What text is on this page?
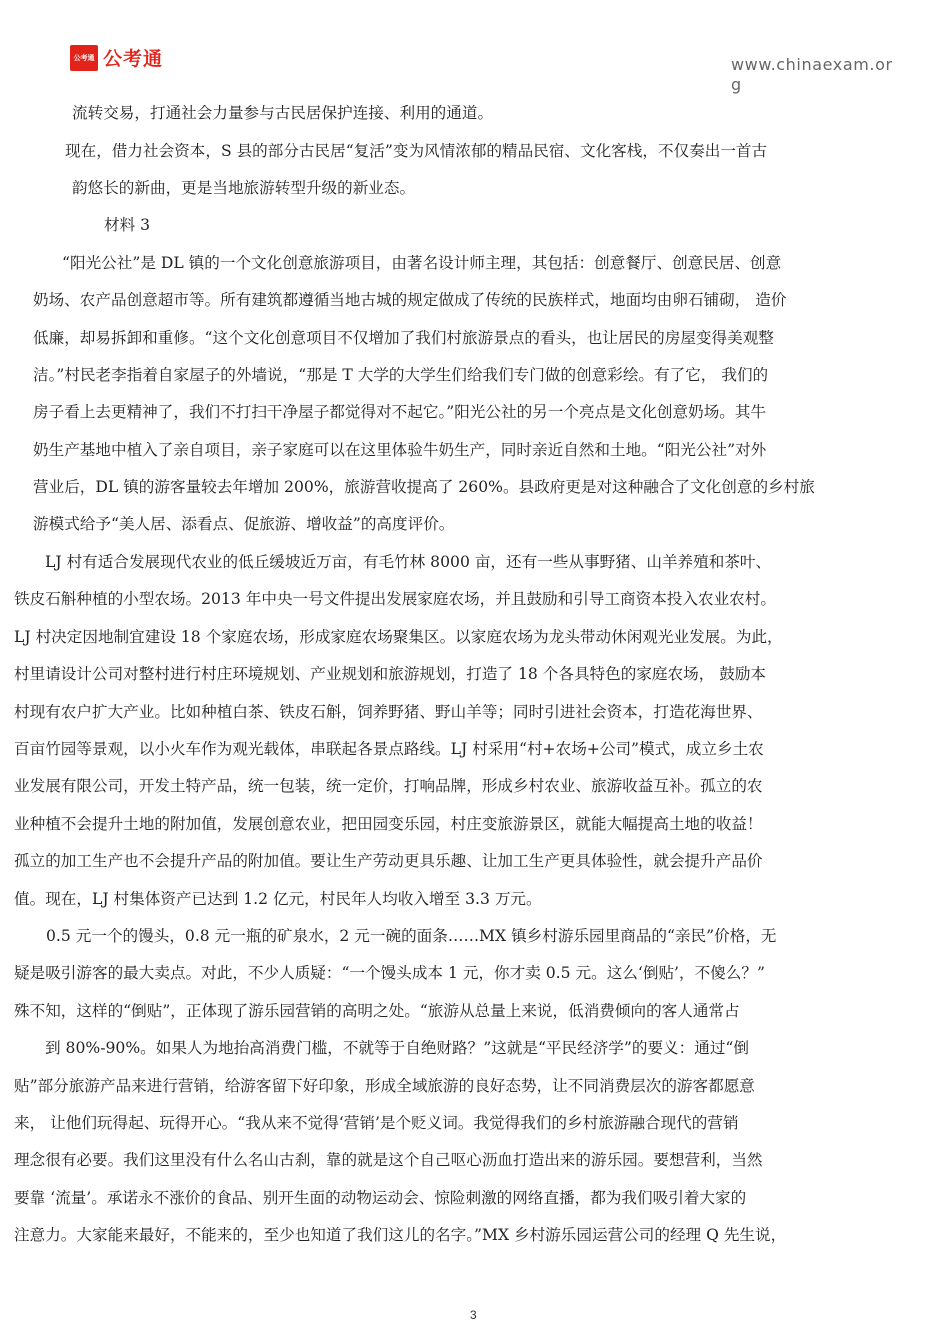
公考通 公考通	www.chinaexam.org
流转交易，打通社会力量参与古民居保护连接、利用的通道。
现在，借力社会资本，S 县的部分古民居“复活”变为风情浓郁的精品民宿、文化客栈，不仅奏出一首古
韵悠长的新曲，更是当地旅游转型升级的新业态。
材料 3
“阳光公社”是 DL 镇的一个文化创意旅游项目，由著名设计师主理，其包括：创意餐厅、创意民居、创意
奶场、农产品创意超市等。所有建筑都遵循当地古城的规定做成了传统的民族样式，地面均由卵石铺砌， 造价
低廉，却易拆卸和重修。“这个文化创意项目不仅增加了我们村旅游景点的看头，也让居民的房屋变得美观整
洁。”村民老李指着自家屋子的外墙说，“那是 T 大学的大学生们给我们专门做的创意彩绘。有了它， 我们的
房子看上去更精神了，我们不打扫干净屋子都觉得对不起它。”阳光公社的另一个亮点是文化创意奶场。其牛
奶生产基地中植入了亲自项目，亲子家庭可以在这里体验牛奶生产，同时亲近自然和土地。“阳光公社”对外
营业后，DL 镇的游客量较去年增加 200%，旅游营收提高了 260%。县政府更是对这种融合了文化创意的乡村旅
游模式给予“美人居、添看点、促旅游、增收益”的高度评价。
LJ 村有适合发展现代农业的低丘缓坡近万亩，有毛竹林 8000 亩，还有一些从事野猪、山羊养殖和茶叶、
铁皮石斛种植的小型农场。2013 年中央一号文件提出发展家庭农场，并且鼓励和引导工商资本投入农业农村。
LJ 村决定因地制宜建设 18 个家庭农场，形成家庭农场聚集区。以家庭农场为龙头带动休闲观光业发展。为此，
村里请设计公司对整村进行村庄环境规划、产业规划和旅游规划，打造了 18 个各具特色的家庭农场， 鼓励本
村现有农户扩大产业。比如种植白茶、铁皮石斛，饲养野猪、野山羊等；同时引进社会资本，打造花海世界、
百亩竹园等景观，以小火车作为观光载体，串联起各景点路线。LJ 村采用“村+农场+公司”模式，成立乡土农
业发展有限公司，开发土特产品，统一包装，统一定价，打响品牌，形成乡村农业、旅游收益互补。孤立的农
业种植不会提升土地的附加值，发展创意农业，把田园变乐园，村庄变旅游景区，就能大幅提高土地的收益！
孤立的加工生产也不会提升产品的附加值。要让生产劳动更具乐趣、让加工生产更具体验性，就会提升产品价
值。现在，LJ 村集体资产已达到 1.2 亿元，村民年人均收入增至 3.3 万元。
0.5 元一个的馒头，0.8 元一瓶的矿泉水，2 元一碗的面条……MX 镇乡村游乐园里商品的“亲民”价格，无
疑是吸引游客的最大卖点。对此，不少人质疑：“一个馒头成本 1 元，你才卖 0.5 元。这么‘倒贴’，不傻么？”
殊不知，这样的“倒贴”，正体现了游乐园营销的高明之处。“旅游从总量上来说，低消费倾向的客人通常占
到 80%-90%。如果人为地抬高消费门槛，不就等于自绝财路？”这就是“平民经济学”的要义：通过“倒
贴”部分旅游产品来进行营销，给游客留下好印象，形成全域旅游的良好态势，让不同消费层次的游客都愿意
来， 让他们玩得起、玩得开心。“我从来不觉得‘营销’是个贬义词。我觉得我们的乡村旅游融合现代的营销
理念很有必要。我们这里没有什么名山古刹，靠的就是这个自己呕心沥血打造出来的游乐园。要想营利，当然
要靠 ‘流量’。承诺永不涨价的食品、别开生面的动物运动会、惊险刺激的网络直播，都为我们吸引着大家的
注意力。大家能来最好，不能来的，至少也知道了我们这儿的名字。”MX 乡村游乐园运营公司的经理 Q 先生说，
3
